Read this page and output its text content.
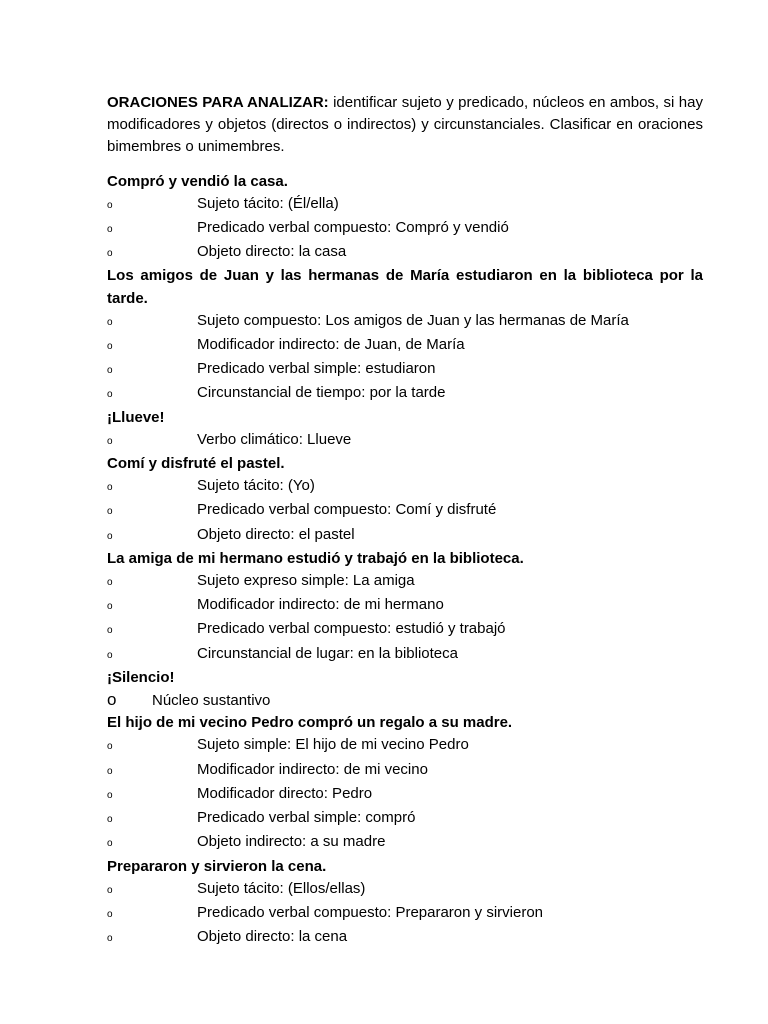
ORACIONES PARA ANALIZAR: identificar sujeto y predicado, núcleos en ambos, si hay modificadores y objetos (directos o indirectos) y circunstanciales. Clasificar en oraciones bimembres o unimembres.

Compró y vendió la casa.
o	Sujeto tácito: (Él/ella)
o	Predicado verbal compuesto: Compró y vendió
o	Objeto directo: la casa
Los amigos de Juan y las hermanas de María estudiaron en la biblioteca por la tarde.
o	Sujeto compuesto: Los amigos de Juan y las hermanas de María
o	Modificador indirecto: de Juan, de María
o	Predicado verbal simple: estudiaron
o	Circunstancial de tiempo: por la tarde
¡Llueve!
o	Verbo climático: Llueve
Comí y disfruté el pastel.
o	Sujeto tácito: (Yo)
o	Predicado verbal compuesto: Comí y disfruté
o	Objeto directo: el pastel
La amiga de mi hermano estudió y trabajó en la biblioteca.
o	Sujeto expreso simple: La amiga
o	Modificador indirecto: de mi hermano
o	Predicado verbal compuesto: estudió y trabajó
o	Circunstancial de lugar: en la biblioteca
¡Silencio!
o	Núcleo sustantivo
El hijo de mi vecino Pedro compró un regalo a su madre.
o	Sujeto simple: El hijo de mi vecino Pedro
o	Modificador indirecto: de mi vecino
o	Modificador directo: Pedro
o	Predicado verbal simple: compró
o	Objeto indirecto: a su madre
Prepararon y sirvieron la cena.
o	Sujeto tácito: (Ellos/ellas)
o	Predicado verbal compuesto: Prepararon y sirvieron
o	Objeto directo: la cena
